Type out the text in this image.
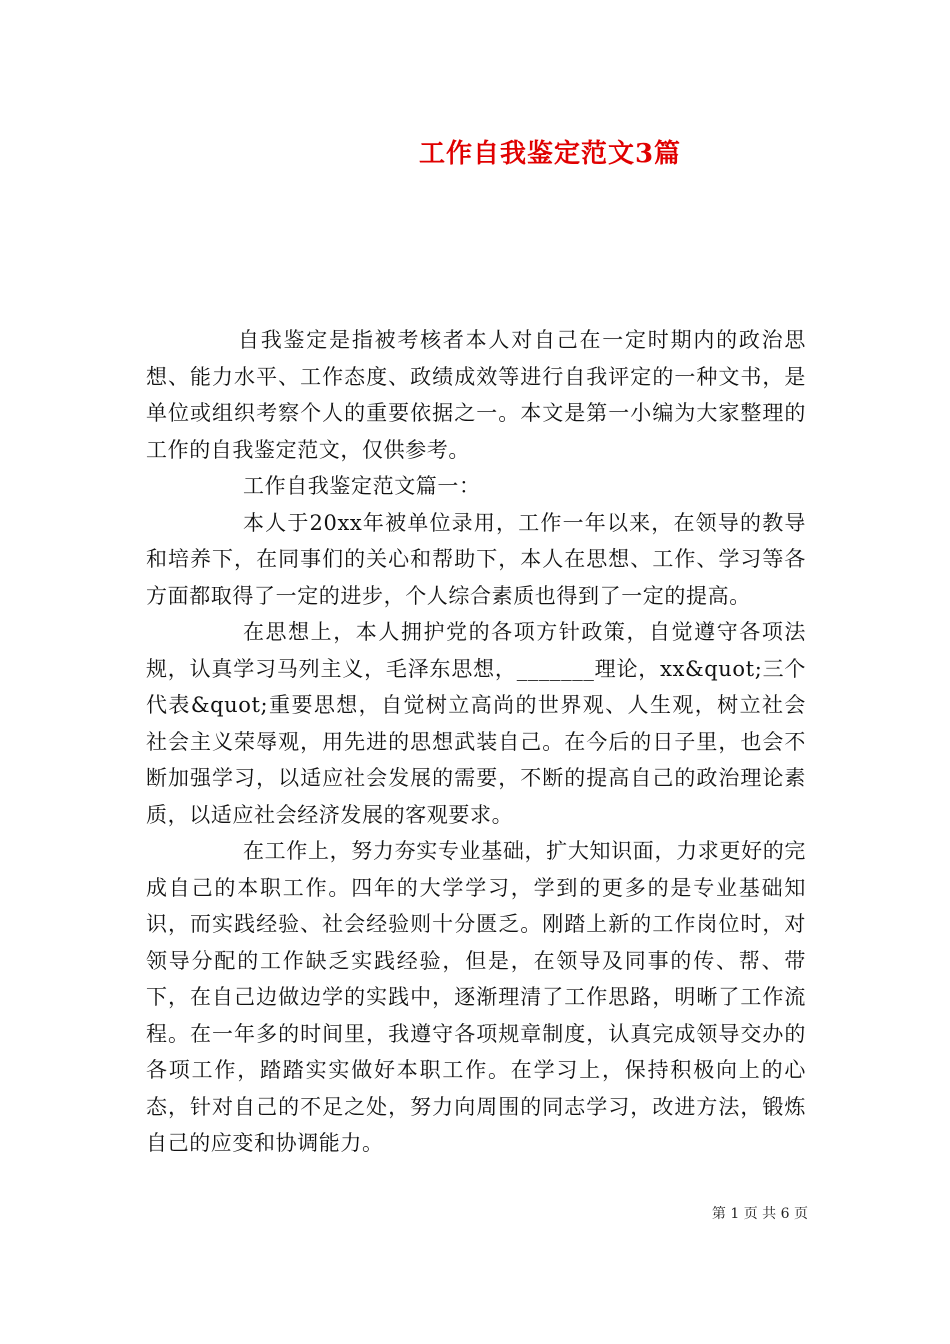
工作自我鉴定范文3篇

自我鉴定是指被考核者本人对自己在一定时期内的政治思想、能力水平、工作态度、政绩成效等进行自我评定的一种文书，是单位或组织考察个人的重要依据之一。本文是第一小编为大家整理的工作的自我鉴定范文，仅供参考。

工作自我鉴定范文篇一：

本人于20xx年被单位录用，工作一年以来，在领导的教导和培养下，在同事们的关心和帮助下，本人在思想、工作、学习等各方面都取得了一定的进步，个人综合素质也得到了一定的提高。

在思想上，本人拥护党的各项方针政策，自觉遵守各项法规，认真学习马列主义，毛泽东思想，_______理论，xx&quot;三个代表&quot;重要思想，自觉树立高尚的世界观、人生观，树立社会社会主义荣辱观，用先进的思想武装自己。在今后的日子里，也会不断加强学习，以适应社会发展的需要，不断的提高自己的政治理论素质，以适应社会经济发展的客观要求。

在工作上，努力夯实专业基础，扩大知识面，力求更好的完成自己的本职工作。四年的大学学习，学到的更多的是专业基础知识，而实践经验、社会经验则十分匮乏。刚踏上新的工作岗位时，对领导分配的工作缺乏实践经验，但是，在领导及同事的传、帮、带下，在自己边做边学的实践中，逐渐理清了工作思路，明晰了工作流程。在一年多的时间里，我遵守各项规章制度，认真完成领导交办的各项工作，踏踏实实做好本职工作。在学习上，保持积极向上的心态，针对自己的不足之处，努力向周围的同志学习，改进方法，锻炼自己的应变和协调能力。

第 1 页 共 6 页
